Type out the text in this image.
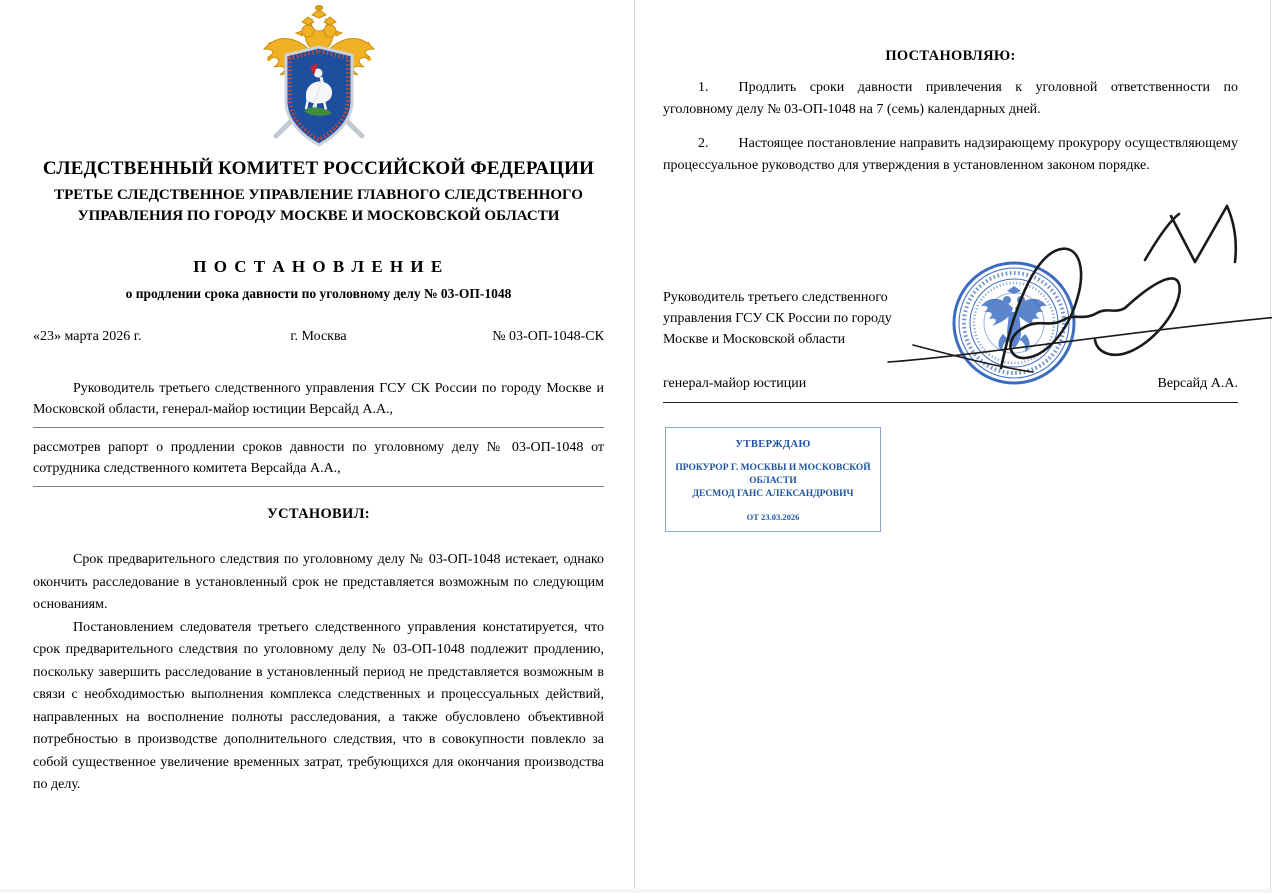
СЛЕДСТВЕННЫЙ КОМИТЕТ РОССИЙСКОЙ ФЕДЕРАЦИИ
ТРЕТЬЕ СЛЕДСТВЕННОЕ УПРАВЛЕНИЕ ГЛАВНОГО СЛЕДСТВЕННОГО УПРАВЛЕНИЯ ПО ГОРОДУ МОСКВЕ И МОСКОВСКОЙ ОБЛАСТИ
П О С Т А Н О В Л Е Н И Е
о продлении срока давности по уголовному делу № 03-ОП-1048
«23» марта 2026 г.	г. Москва	№ 03-ОП-1048-СК

Руководитель третьего следственного управления ГСУ СК России по городу Москве и Московской области, генерал-майор юстиции Версайд А.А.,

рассмотрев рапорт о продлении сроков давности по уголовному делу № 03-ОП-1048 от сотрудника следственного комитета Версайда А.А.,

УСТАНОВИЛ:

Срок предварительного следствия по уголовному делу № 03-ОП-1048 истекает, однако окончить расследование в установленный срок не представляется возможным по следующим основаниям.

Постановлением следователя третьего следственного управления констатируется, что срок предварительного следствия по уголовному делу № 03-ОП-1048 подлежит продлению, поскольку завершить расследование в установленный период не представляется возможным в связи с необходимостью выполнения комплекса следственных и процессуальных действий, направленных на восполнение полноты расследования, а также обусловлено объективной потребностью в производстве дополнительного следствия, что в совокупности повлекло за собой существенное увеличение временных затрат, требующихся для окончания производства по делу.

ПОСТАНОВЛЯЮ:

1. Продлить сроки давности привлечения к уголовной ответственности по уголовному делу № 03-ОП-1048 на 7 (семь) календарных дней.

2. Настоящее постановление направить надзирающему прокурору осуществляющему процессуальное руководство для утверждения в установленном законом порядке.

Руководитель третьего следственного управления ГСУ СК России по городу Москве и Московской области
генерал-майор юстиции	Версайд А.А.
УТВЕРЖДАЮ
ПРОКУРОР Г. МОСКВЫ И МОСКОВСКОЙ ОБЛАСТИ
ДЕСМОД ГАНС АЛЕКСАНДРОВИЧ
ОТ 23.03.2026
